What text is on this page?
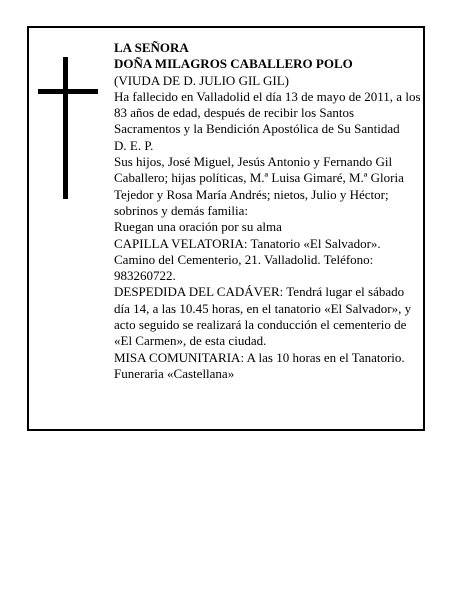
LA SEÑORA

DOÑA MILAGROS CABALLERO POLO

(VIUDA DE D. JULIO GIL GIL)

Ha fallecido en Valladolid el día 13 de mayo de 2011, a los 83 años de edad, después de recibir los Santos Sacramentos y la Bendición Apostólica de Su Santidad

D. E. P.

Sus hijos, José Miguel, Jesús Antonio y Fernando Gil Caballero; hijas políticas, M.ª Luisa Gimaré, M.ª Gloria Tejedor y Rosa María Andrés; nietos, Julio y Héctor; sobrinos y demás familia:

Ruegan una oración por su alma

CAPILLA VELATORIA: Tanatorio «El Salvador». Camino del Cementerio, 21. Valladolid. Teléfono: 983260722.

DESPEDIDA DEL CADÁVER: Tendrá lugar el sábado día 14, a las 10.45 horas, en el tanatorio «El Salvador», y acto seguido se realizará la conducción el cementerio de «El Carmen», de esta ciudad.

MISA COMUNITARIA: A las 10 horas en el Tanatorio.

Funeraria «Castellana»
